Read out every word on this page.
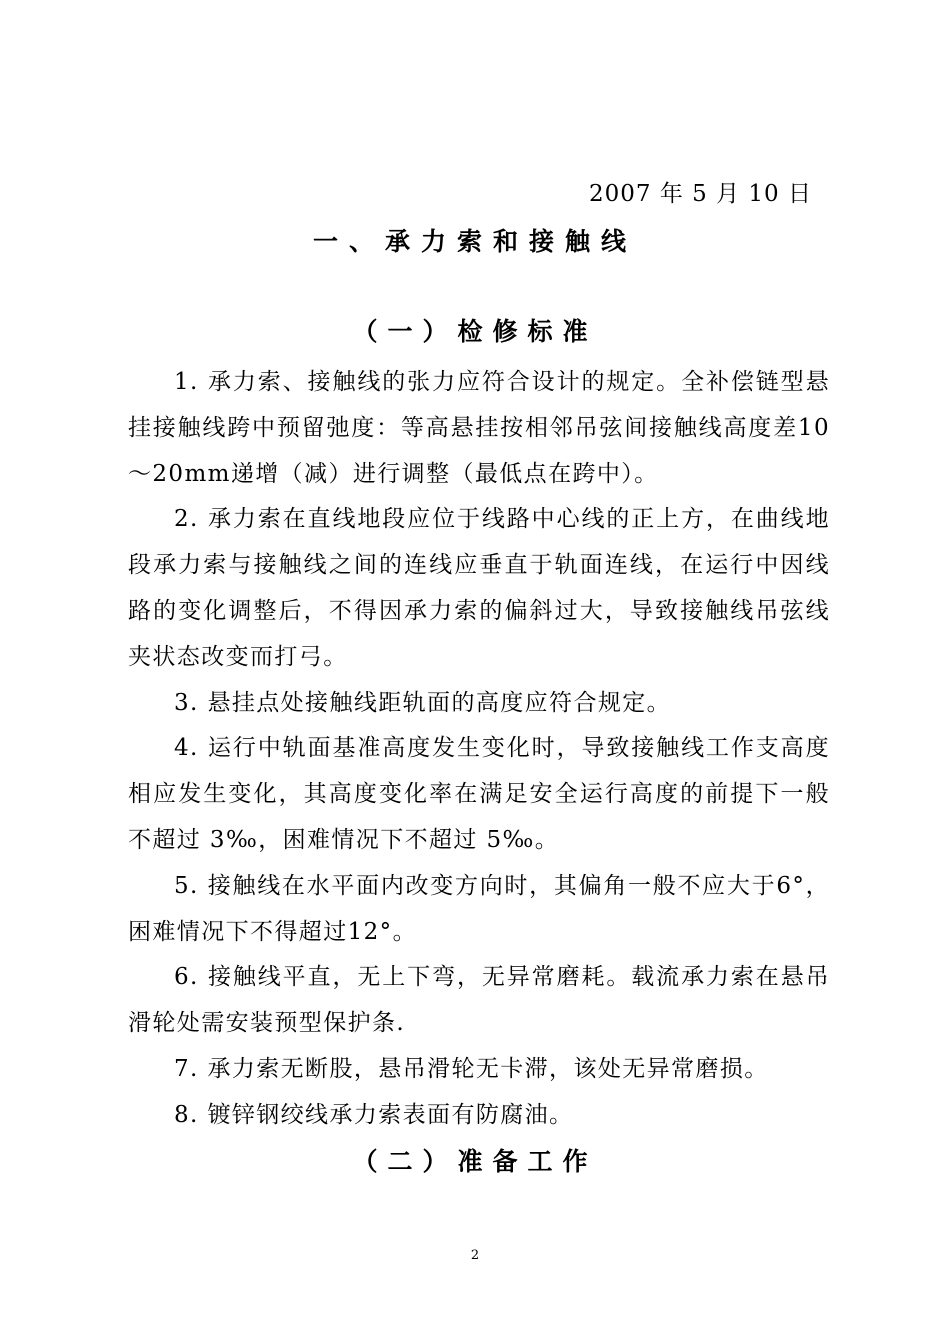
2007 年 5 月 10 日
一、承力索和接触线
（一）检修标准

1. 承力索、接触线的张力应符合设计的规定。全补偿链型悬挂接触线跨中预留弛度：等高悬挂按相邻吊弦间接触线高度差10～20mm递增（减）进行调整（最低点在跨中）。

2. 承力索在直线地段应位于线路中心线的正上方，在曲线地段承力索与接触线之间的连线应垂直于轨面连线，在运行中因线路的变化调整后，不得因承力索的偏斜过大，导致接触线吊弦线夹状态改变而打弓。

3. 悬挂点处接触线距轨面的高度应符合规定。

4. 运行中轨面基准高度发生变化时，导致接触线工作支高度相应发生变化，其高度变化率在满足安全运行高度的前提下一般不超过 3‰，困难情况下不超过 5‰。

5. 接触线在水平面内改变方向时，其偏角一般不应大于6°，困难情况下不得超过12°。

6. 接触线平直，无上下弯，无异常磨耗。载流承力索在悬吊滑轮处需安装预型保护条.

7. 承力索无断股，悬吊滑轮无卡滞，该处无异常磨损。

8. 镀锌钢绞线承力索表面有防腐油。

（二）准备工作
2
